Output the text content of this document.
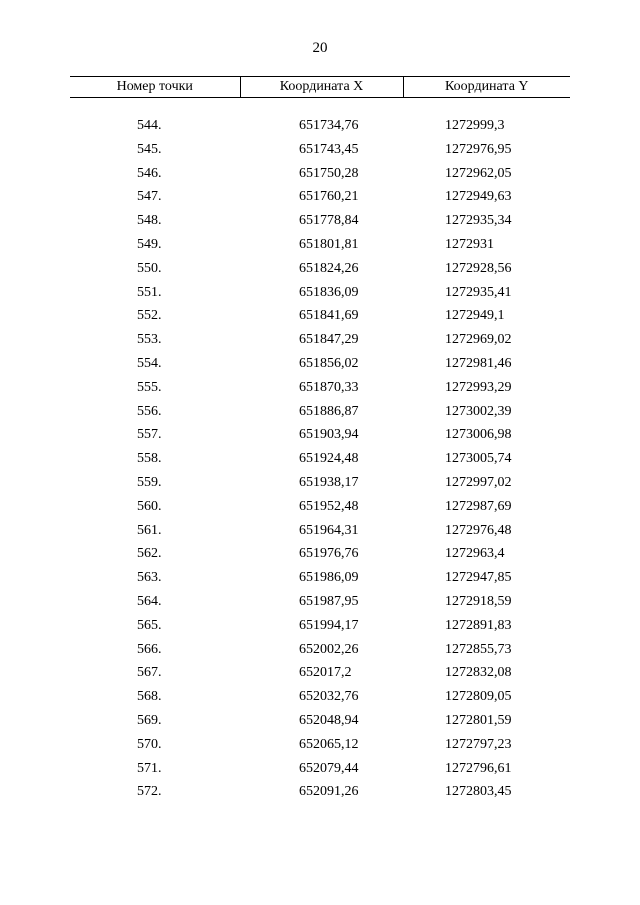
20
Номер точки	Координата X	Координата Y

544.	651734,76	1272999,3
545.	651743,45	1272976,95
546.	651750,28	1272962,05
547.	651760,21	1272949,63
548.	651778,84	1272935,34
549.	651801,81	1272931
550.	651824,26	1272928,56
551.	651836,09	1272935,41
552.	651841,69	1272949,1
553.	651847,29	1272969,02
554.	651856,02	1272981,46
555.	651870,33	1272993,29
556.	651886,87	1273002,39
557.	651903,94	1273006,98
558.	651924,48	1273005,74
559.	651938,17	1272997,02
560.	651952,48	1272987,69
561.	651964,31	1272976,48
562.	651976,76	1272963,4
563.	651986,09	1272947,85
564.	651987,95	1272918,59
565.	651994,17	1272891,83
566.	652002,26	1272855,73
567.	652017,2	1272832,08
568.	652032,76	1272809,05
569.	652048,94	1272801,59
570.	652065,12	1272797,23
571.	652079,44	1272796,61
572.	652091,26	1272803,45
